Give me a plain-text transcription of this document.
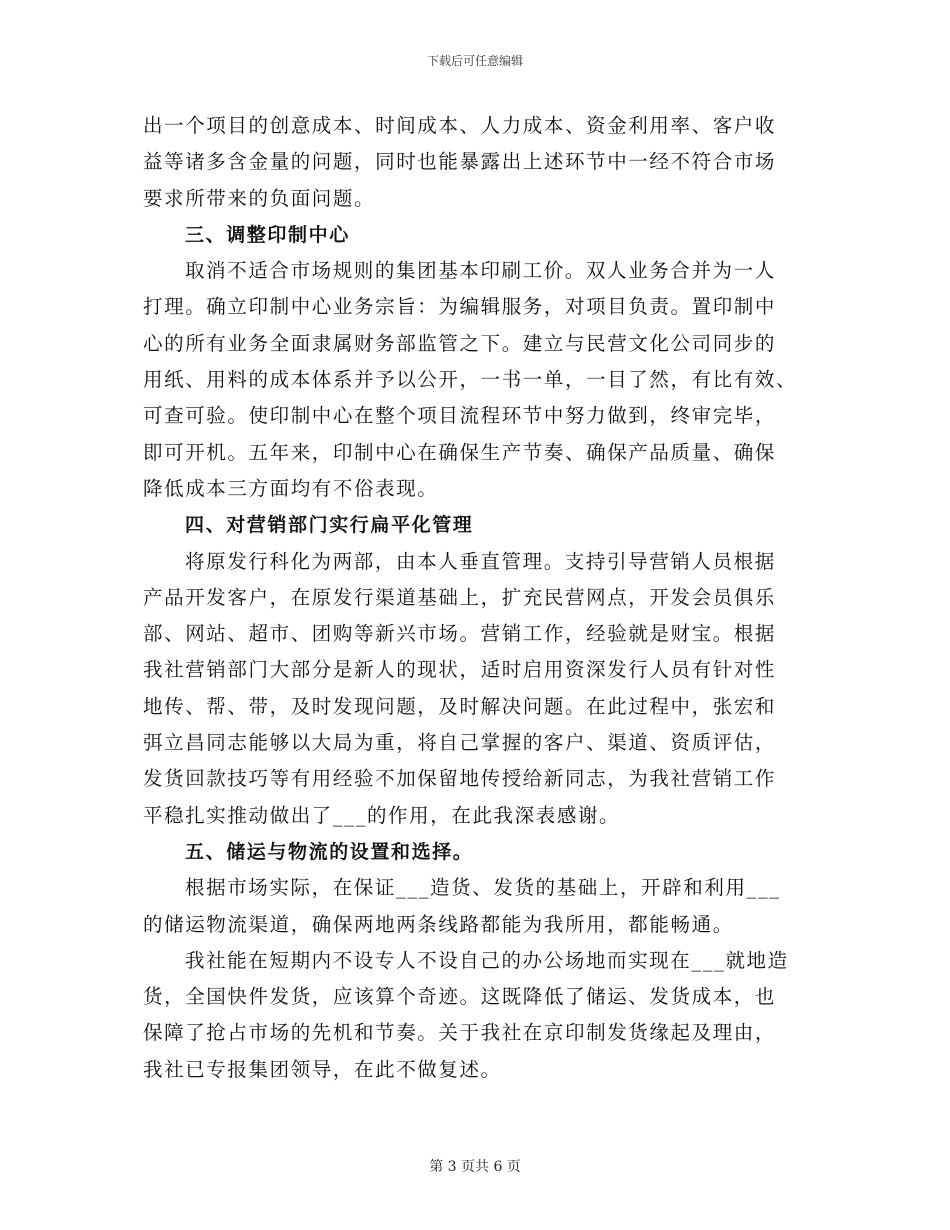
下载后可任意编辑
出一个项目的创意成本、时间成本、人力成本、资金利用率、客户收
益等诸多含金量的问题，同时也能暴露出上述环节中一经不符合市场
要求所带来的负面问题。
三、调整印制中心
取消不适合市场规则的集团基本印刷工价。双人业务合并为一人
打理。确立印制中心业务宗旨：为编辑服务，对项目负责。置印制中
心的所有业务全面隶属财务部监管之下。建立与民营文化公司同步的
用纸、用料的成本体系并予以公开，一书一单，一目了然，有比有效、
可查可验。使印制中心在整个项目流程环节中努力做到，终审完毕，
即可开机。五年来，印制中心在确保生产节奏、确保产品质量、确保
降低成本三方面均有不俗表现。
四、对营销部门实行扁平化管理
将原发行科化为两部，由本人垂直管理。支持引导营销人员根据
产品开发客户，在原发行渠道基础上，扩充民营网点，开发会员俱乐
部、网站、超市、团购等新兴市场。营销工作，经验就是财宝。根据
我社营销部门大部分是新人的现状，适时启用资深发行人员有针对性
地传、帮、带，及时发现问题，及时解决问题。在此过程中，张宏和
弭立昌同志能够以大局为重，将自己掌握的客户、渠道、资质评估，
发货回款技巧等有用经验不加保留地传授给新同志，为我社营销工作
平稳扎实推动做出了___的作用，在此我深表感谢。
五、储运与物流的设置和选择。
根据市场实际，在保证___造货、发货的基础上，开辟和利用___
的储运物流渠道，确保两地两条线路都能为我所用，都能畅通。
我社能在短期内不设专人不设自己的办公场地而实现在___就地造
货，全国快件发货，应该算个奇迹。这既降低了储运、发货成本，也
保障了抢占市场的先机和节奏。关于我社在京印制发货缘起及理由，
我社已专报集团领导，在此不做复述。
第 3 页共 6 页
